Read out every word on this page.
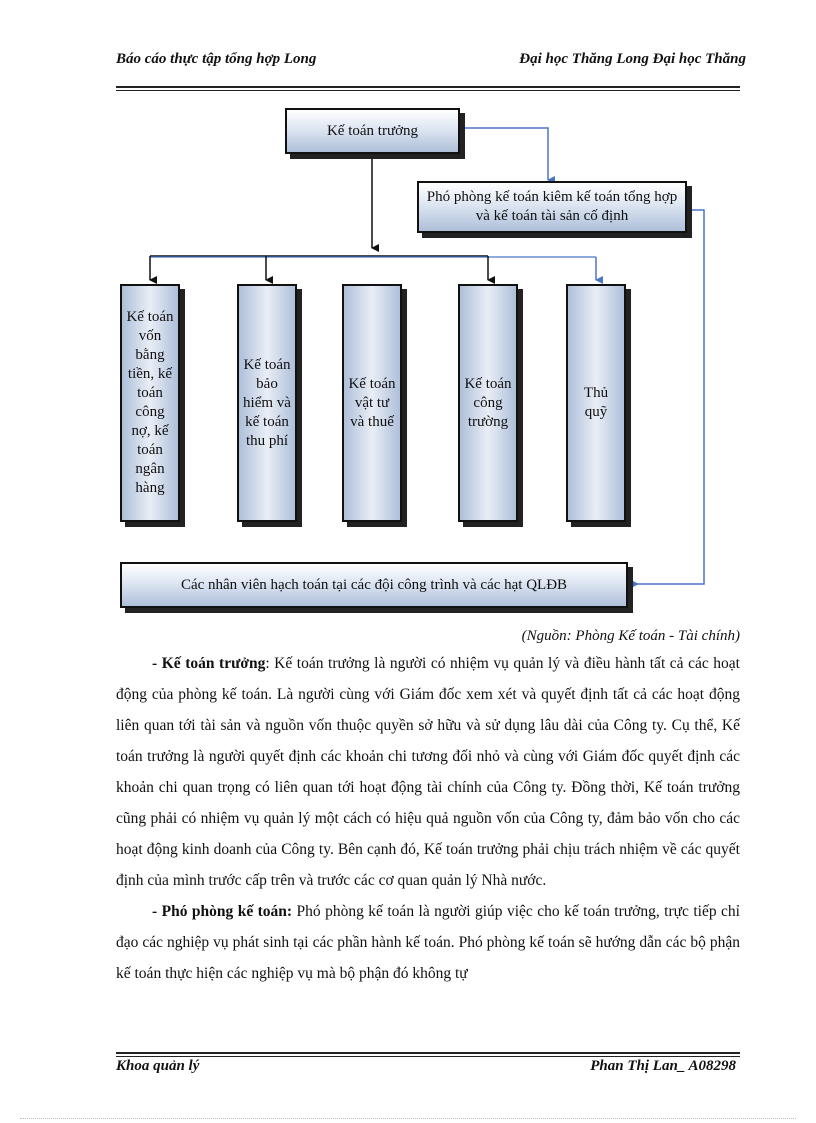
Báo cáo thực tập tổng hợp Long	Đại học Thăng Long Đại học Thăng
Kế toán trưởng
Phó phòng kế toán kiêm kế toán tổng hợp và kế toán tài sản cố định
Kế toán vốn bằng tiền, kế toán công nợ, kế toán ngân hàng
Kế toán bảo hiểm và kế toán thu phí
Kế toán vật tư và thuế
Kế toán công trường
Thủ quỹ
Các nhân viên hạch toán tại các đội công trình và các hạt QLĐB
(Nguồn: Phòng Kế toán - Tài chính)

- Kế toán trưởng: Kế toán trưởng là người có nhiệm vụ quản lý và điều hành tất cả các hoạt động của phòng kế toán. Là người cùng với Giám đốc xem xét và quyết định tất cả các hoạt động liên quan tới tài sản và nguồn vốn thuộc quyền sở hữu và sử dụng lâu dài của Công ty. Cụ thể, Kế toán trưởng là người quyết định các khoản chi tương đối nhỏ và cùng với Giám đốc quyết định các khoản chi quan trọng có liên quan tới hoạt động tài chính của Công ty. Đồng thời, Kế toán trưởng cũng phải có nhiệm vụ quản lý một cách có hiệu quả nguồn vốn của Công ty, đảm bảo vốn cho các hoạt động kinh doanh của Công ty. Bên cạnh đó, Kế toán trưởng phải chịu trách nhiệm về các quyết định của mình trước cấp trên và trước các cơ quan quản lý Nhà nước.

- Phó phòng kế toán: Phó phòng kế toán là người giúp việc cho kế toán trưởng, trực tiếp chỉ đạo các nghiệp vụ phát sinh tại các phần hành kế toán. Phó phòng kế toán sẽ hướng dẫn các bộ phận kế toán thực hiện các nghiệp vụ mà bộ phận đó không tự

Khoa quản lý	Phan Thị Lan_ A08298
